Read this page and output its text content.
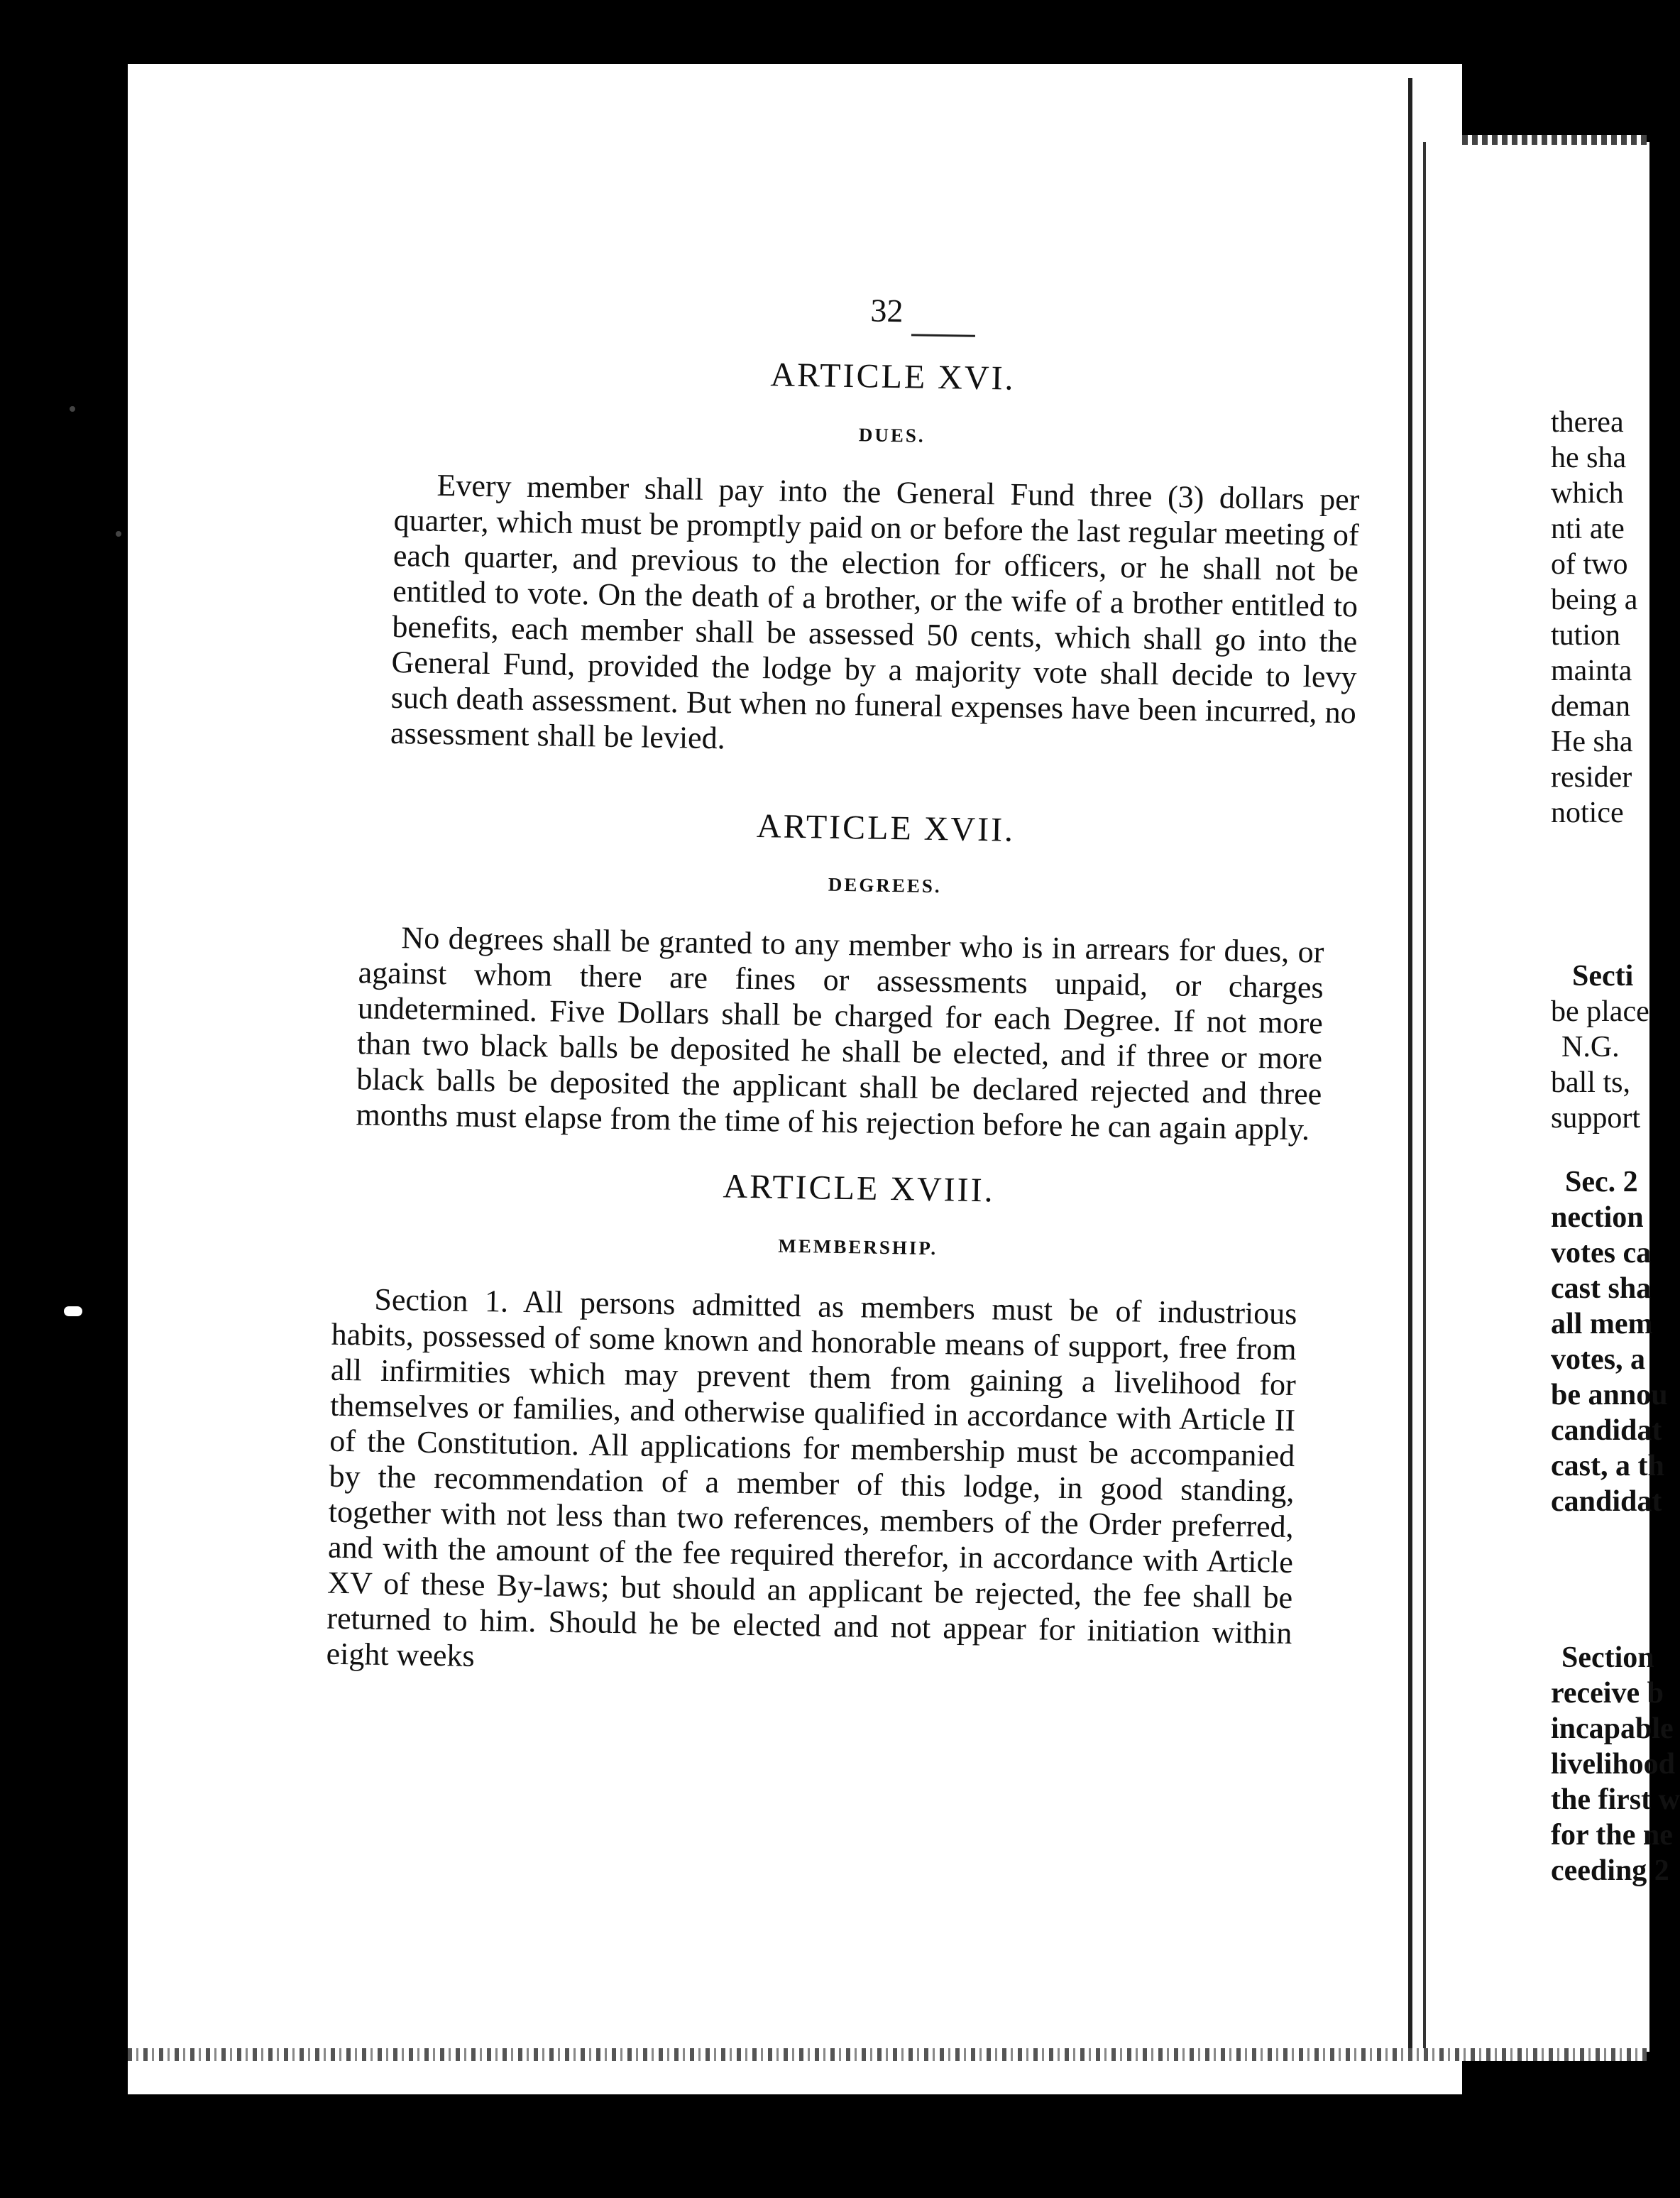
32
ARTICLE XVI.
DUES.

Every member shall pay into the General Fund three (3) dollars per quarter, which must be promptly paid on or before the last regular meeting of each quarter, and previous to the election for officers, or he shall not be entitled to vote. On the death of a brother, or the wife of a brother entitled to benefits, each member shall be assessed 50 cents, which shall go into the General Fund, provided the lodge by a majority vote shall decide to levy such death assessment. But when no funeral expenses have been incurred, no assessment shall be levied.

ARTICLE XVII.
DEGREES.

No degrees shall be granted to any member who is in arrears for dues, or against whom there are fines or assessments unpaid, or charges undetermined. Five Dollars shall be charged for each Degree. If not more than two black balls be deposited he shall be elected, and if three or more black balls be deposited the applicant shall be declared rejected and three months must elapse from the time of his rejection before he can again apply.

ARTICLE XVIII.
MEMBERSHIP.

Section 1. All persons admitted as members must be of industrious habits, possessed of some known and honorable means of support, free from all infirmities which may prevent them from gaining a livelihood for themselves or families, and otherwise qualified in accordance with Article II of the Constitution. All applications for membership must be accompanied by the recommendation of a member of this lodge, in good standing, together with not less than two references, members of the Order preferred, and with the amount of the fee required therefor, in accordance with Article XV of these By-laws; but should an applicant be rejected, the fee shall be returned to him. Should he be elected and not appear for initiation within eight weeks

therea
he sha
which
nti ate
of two
being a
tution
mainta
deman
He sha
resider
notice
Secti
be place
N.G.
ball ts,
support
Sec. 2
nection
votes ca
cast sha
all mem
votes, a
be annou
candidat
cast, a th
candidat
Section
receive b
incapable
livelihood
the first w
for the ne
ceeding 2
